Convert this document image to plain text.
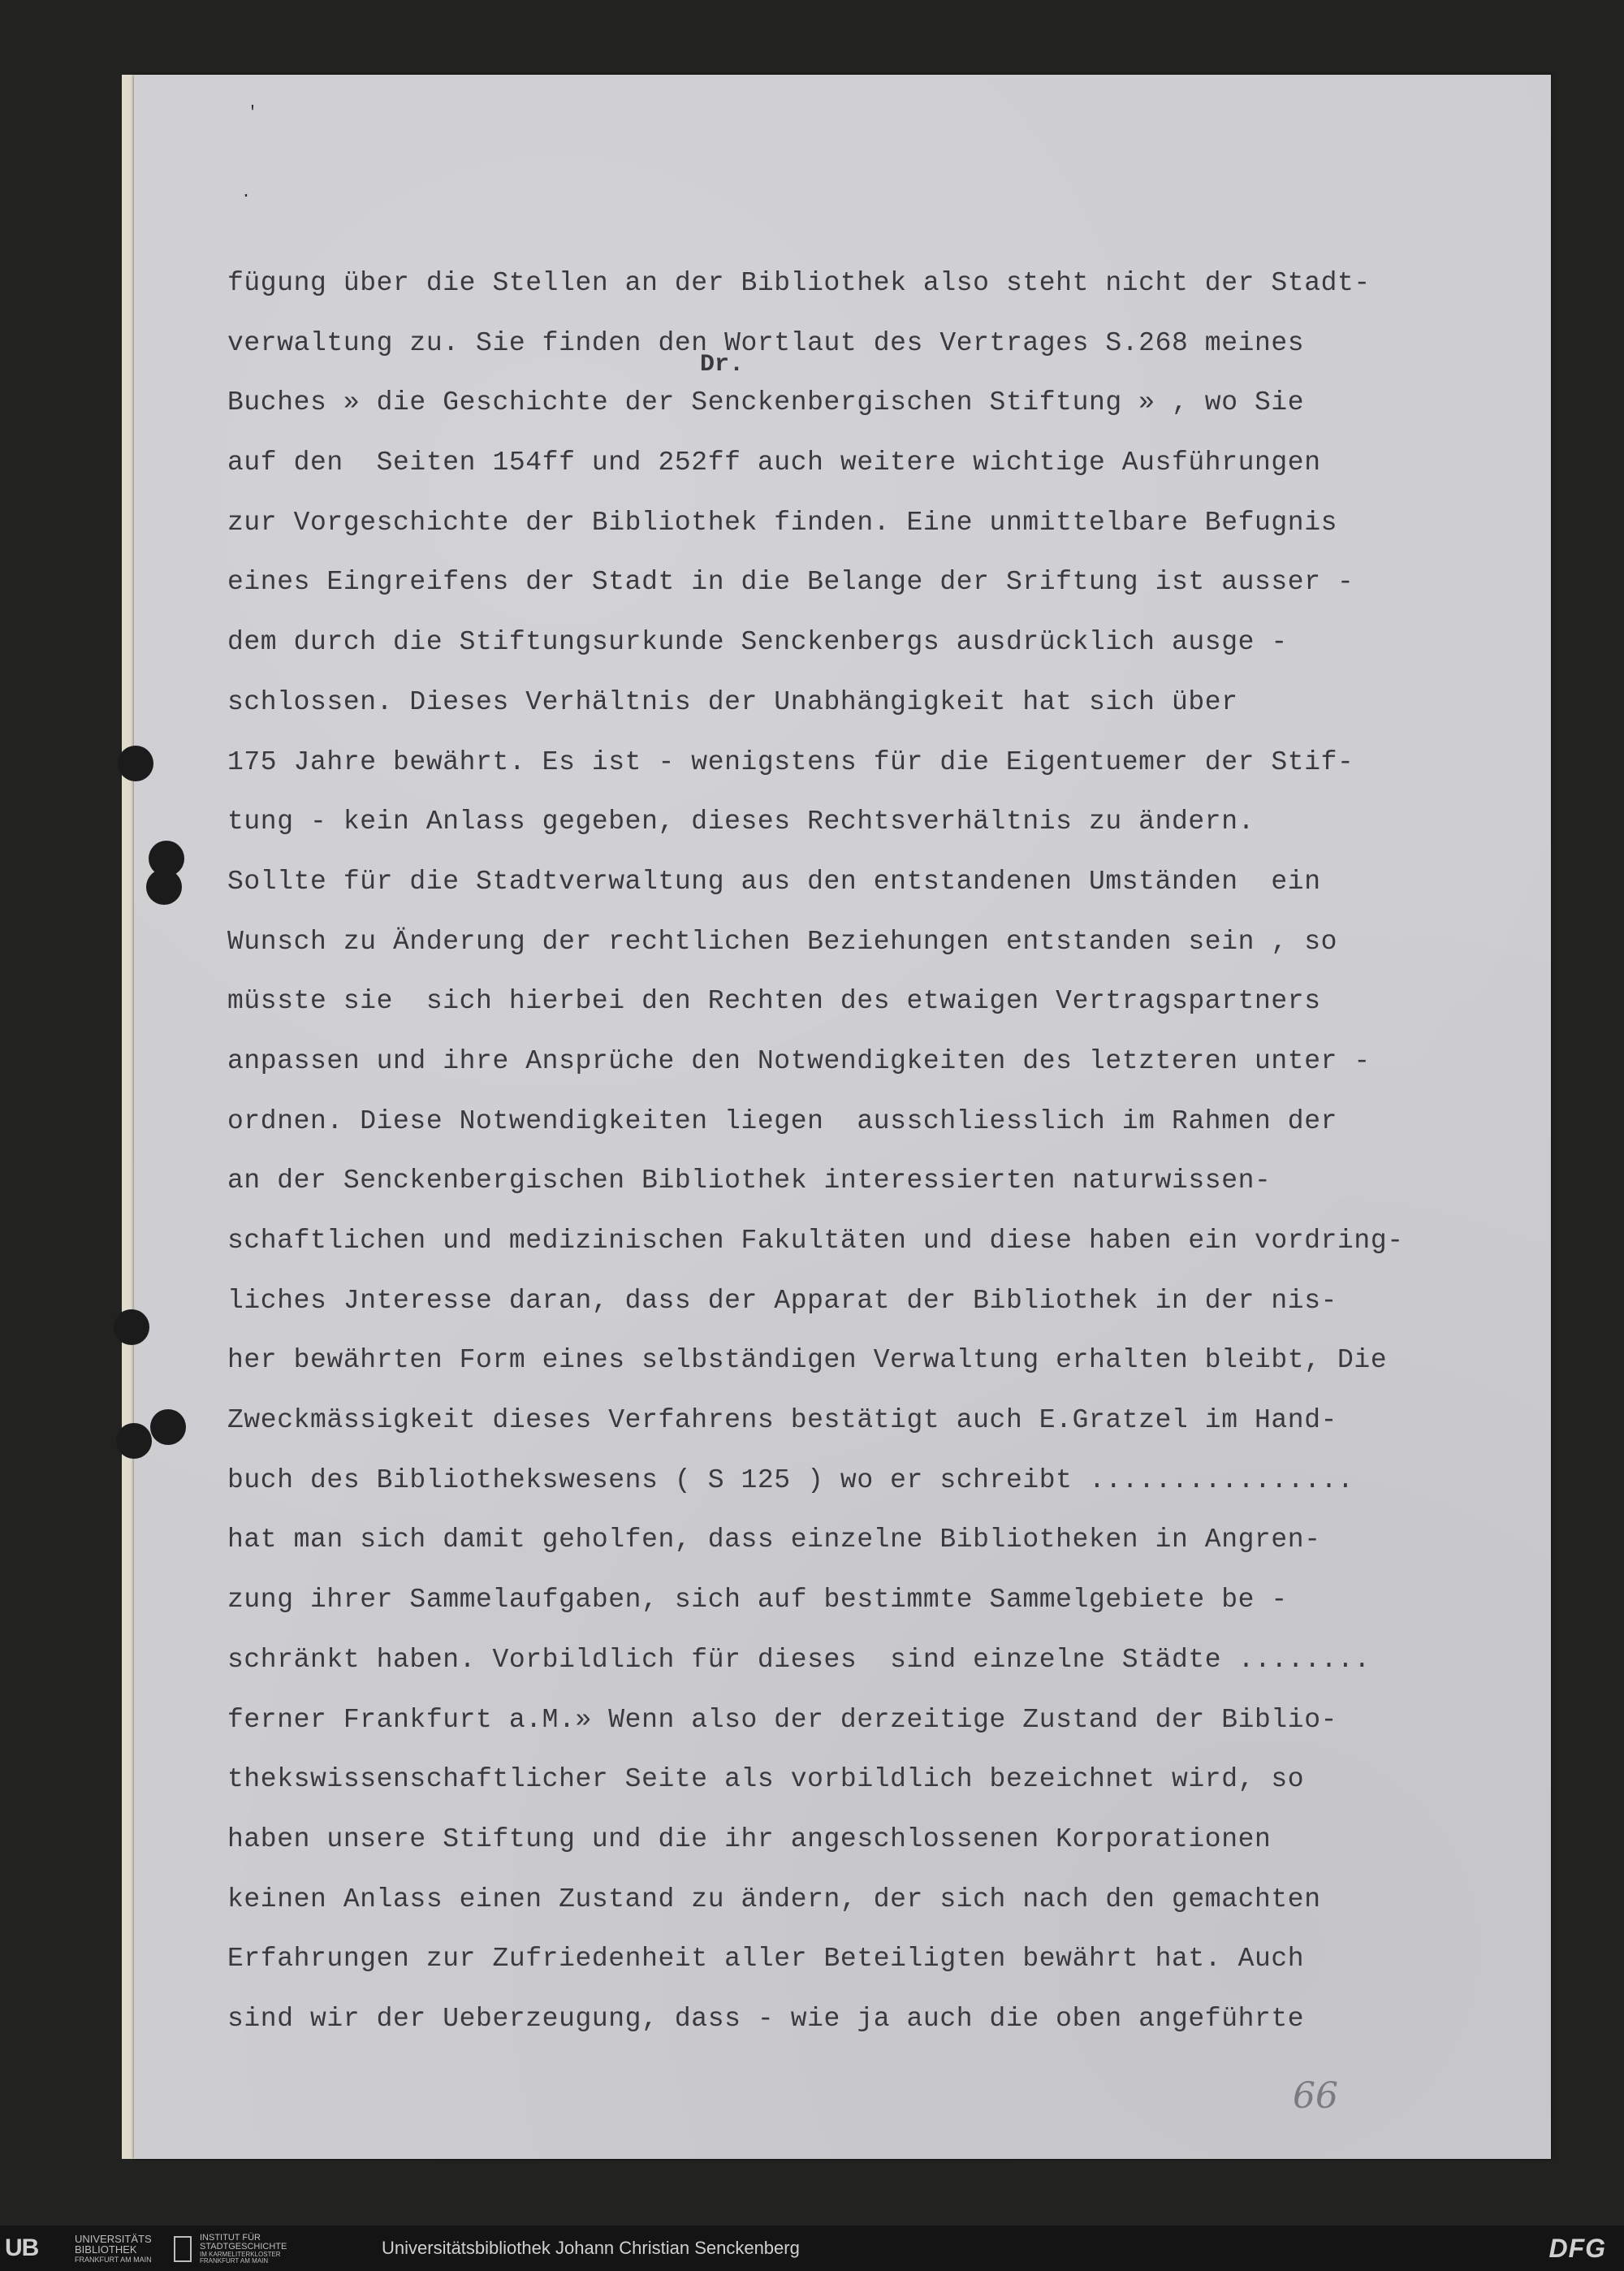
'
.
Dr.
fügung über die Stellen an der Bibliothek also steht nicht der Stadt-
verwaltung zu. Sie finden den Wortlaut des Vertrages S.268 meines
Buches » die Geschichte der Senckenbergischen Stiftung » , wo Sie
auf den  Seiten 154ff und 252ff auch weitere wichtige Ausführungen
zur Vorgeschichte der Bibliothek finden. Eine unmittelbare Befugnis
eines Eingreifens der Stadt in die Belange der Sriftung ist ausser -
dem durch die Stiftungsurkunde Senckenbergs ausdrücklich ausge -
schlossen. Dieses Verhältnis der Unabhängigkeit hat sich über
175 Jahre bewährt. Es ist - wenigstens für die Eigentuemer der Stif-
tung - kein Anlass gegeben, dieses Rechtsverhältnis zu ändern.
Sollte für die Stadtverwaltung aus den entstandenen Umständen  ein
Wunsch zu Änderung der rechtlichen Beziehungen entstanden sein , so
müsste sie  sich hierbei den Rechten des etwaigen Vertragspartners
anpassen und ihre Ansprüche den Notwendigkeiten des letzteren unter -
ordnen. Diese Notwendigkeiten liegen  ausschliesslich im Rahmen der
an der Senckenbergischen Bibliothek interessierten naturwissen-
schaftlichen und medizinischen Fakultäten und diese haben ein vordring-
liches Jnteresse daran, dass der Apparat der Bibliothek in der nis-
her bewährten Form eines selbständigen Verwaltung erhalten bleibt, Die
Zweckmässigkeit dieses Verfahrens bestätigt auch E.Gratzel im Hand-
buch des Bibliothekswesens ( S 125 ) wo er schreibt ................
hat man sich damit geholfen, dass einzelne Bibliotheken in Angren-
zung ihrer Sammelaufgaben, sich auf bestimmte Sammelgebiete be -
schränkt haben. Vorbildlich für dieses  sind einzelne Städte ........
ferner Frankfurt a.M.» Wenn also der derzeitige Zustand der Biblio-
thekswissenschaftlicher Seite als vorbildlich bezeichnet wird, so
haben unsere Stiftung und die ihr angeschlossenen Korporationen
keinen Anlass einen Zustand zu ändern, der sich nach den gemachten
Erfahrungen zur Zufriedenheit aller Beteiligten bewährt hat. Auch
sind wir der Ueberzeugung, dass - wie ja auch die oben angeführte
66
UB	UNIVERSITÄTS
BIBLIOTHEK
FRANKFURT AM MAIN
INSTITUT FÜR
STADTGESCHICHTE
IM KARMELITERKLOSTER
FRANKFURT AM MAIN
Universitätsbibliothek Johann Christian Senckenberg	DFG
